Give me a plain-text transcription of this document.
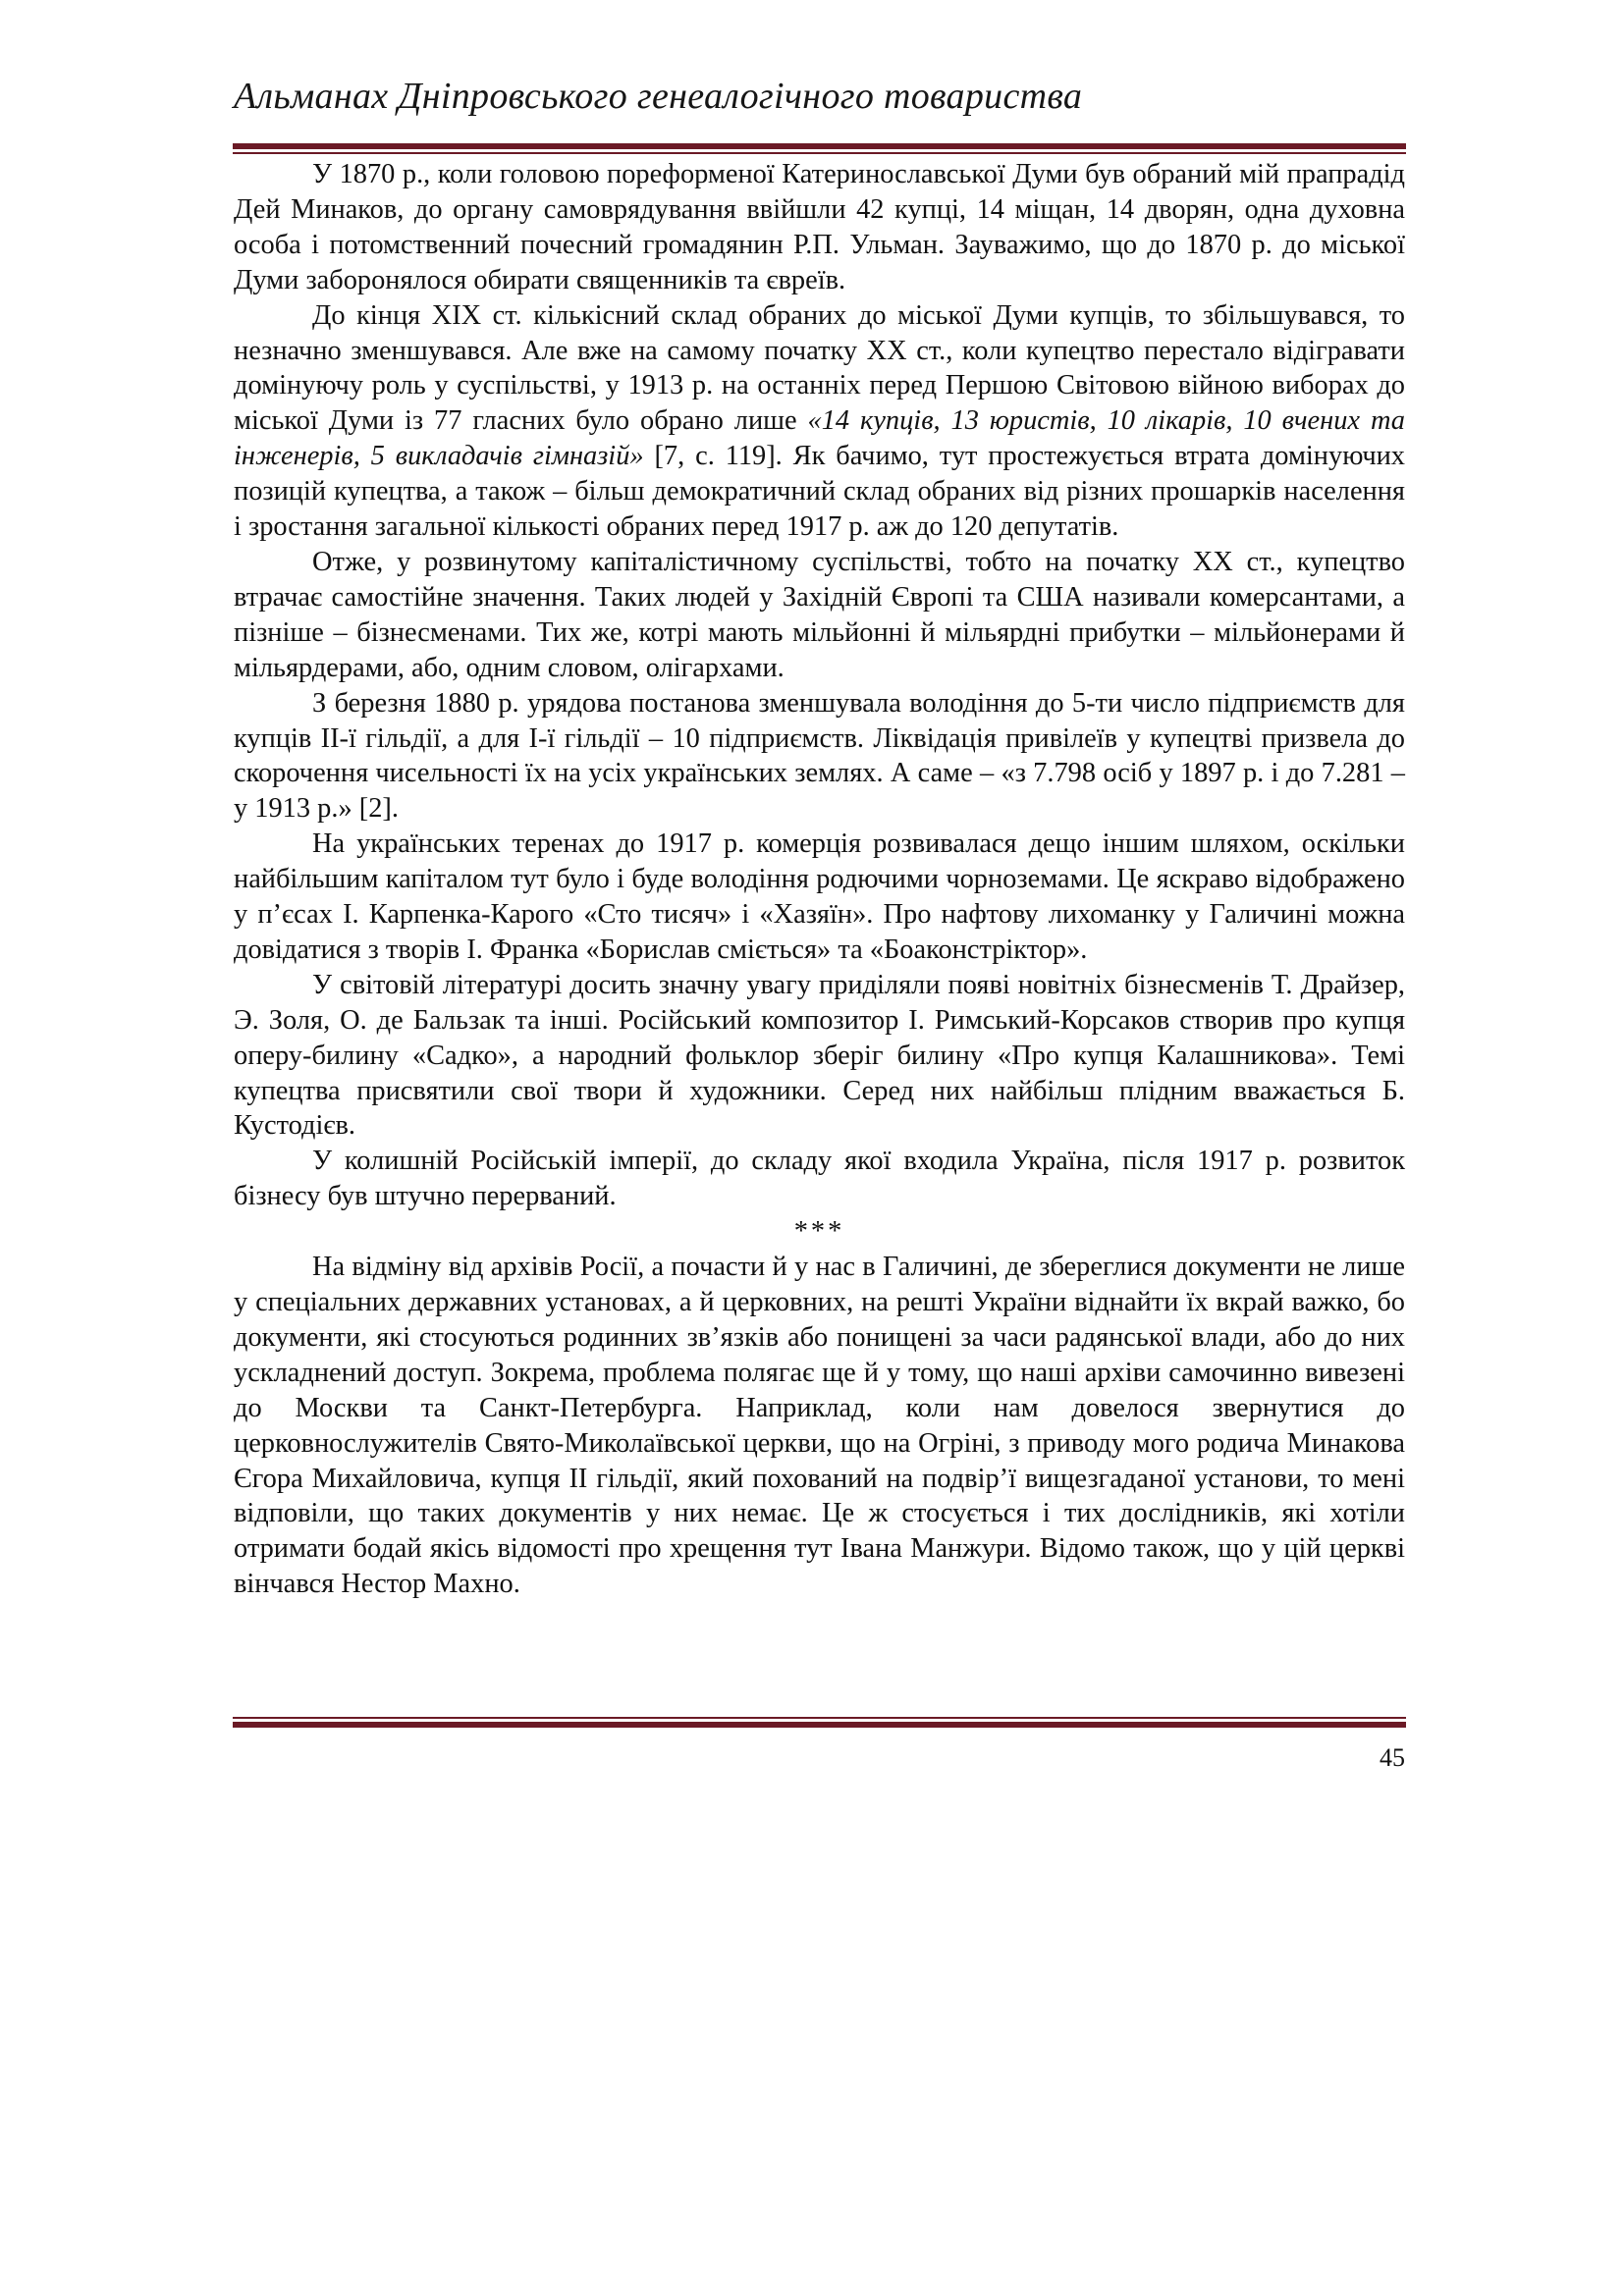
Альманах Дніпровського генеалогічного товариства

У 1870 р., коли головою пореформеної Катеринославської Думи був обраний мій прапрадід Дей Минаков, до органу самоврядування ввійшли 42 купці, 14 міщан, 14 дворян, одна духовна особа і потомственний почесний громадянин Р.П. Ульман. Зауважимо, що до 1870 р. до міської Думи заборонялося обирати священників та євреїв.

До кінця XIX ст. кількісний склад обраних до міської Думи купців, то збільшувався, то незначно зменшувався. Але вже на самому початку ХХ ст., коли купецтво перестало відігравати домінуючу роль у суспільстві, у 1913 р. на останніх перед Першою Світовою війною виборах до міської Думи із 77 гласних було обрано лише «14 купців, 13 юристів, 10 лікарів, 10 вчених та інженерів, 5 викладачів гімназій» [7, с. 119]. Як бачимо, тут простежується втрата домінуючих позицій купецтва, а також – більш демократичний склад обраних від різних прошарків населення і зростання загальної кількості обраних перед 1917 р. аж до 120 депутатів.

Отже, у розвинутому капіталістичному суспільстві, тобто на початку ХХ ст., купецтво втрачає самостійне значення. Таких людей у Західній Європі та США називали комерсантами, а пізніше – бізнесменами. Тих же, котрі мають мільйонні й мільярдні прибутки – мільйонерами й мільярдерами, або, одним словом, олігархами.

З березня 1880 р. урядова постанова зменшувала володіння до 5-ти число підприємств для купців ІІ-ї гільдії, а для І-ї гільдії – 10 підприємств. Ліквідація привілеїв у купецтві призвела до скорочення чисельності їх на усіх українських землях. А саме – «з 7.798 осіб у 1897 р. і до 7.281 – у 1913 р.» [2].

На українських теренах до 1917 р. комерція розвивалася дещо іншим шляхом, оскільки найбільшим капіталом тут було і буде володіння родючими чорноземами. Це яскраво відображено у п’єсах І. Карпенка-Карого «Сто тисяч» і «Хазяїн». Про нафтову лихоманку у Галичині можна довідатися з творів І. Франка «Борислав сміється» та «Боаконстріктор».

У світовій літературі досить значну увагу приділяли появі новітніх бізнесменів Т. Драйзер, Э. Золя, О. де Бальзак та інші. Російський композитор І. Римський-Корсаков створив про купця оперу-билину «Садко», а народний фольклор зберіг билину «Про купця Калашникова». Темі купецтва присвятили свої твори й художники. Серед них найбільш плідним вважається Б. Кустодієв.

У колишній Російській імперії, до складу якої входила Україна, після 1917 р. розвиток бізнесу був штучно перерваний.

***

На відміну від архівів Росії, а почасти й у нас в Галичині, де збереглися документи не лише у спеціальних державних установах, а й церковних, на решті України віднайти їх вкрай важко, бо документи, які стосуються родинних зв’язків або понищені за часи радянської влади, або до них ускладнений доступ. Зокрема, проблема полягає ще й у тому, що наші архіви самочинно вивезені до Москви та Санкт-Петербурга. Наприклад, коли нам довелося звернутися до церковнослужителів Свято-Миколаївської церкви, що на Огріні, з приводу мого родича Минакова Єгора Михайловича, купця ІІ гільдії, який похований на подвір’ї вищезгаданої установи, то мені відповіли, що таких документів у них немає. Це ж стосується і тих дослідників, які хотіли отримати бодай якісь відомості про хрещення тут Івана Манжури. Відомо також, що у цій церкві вінчався Нестор Махно.

45
